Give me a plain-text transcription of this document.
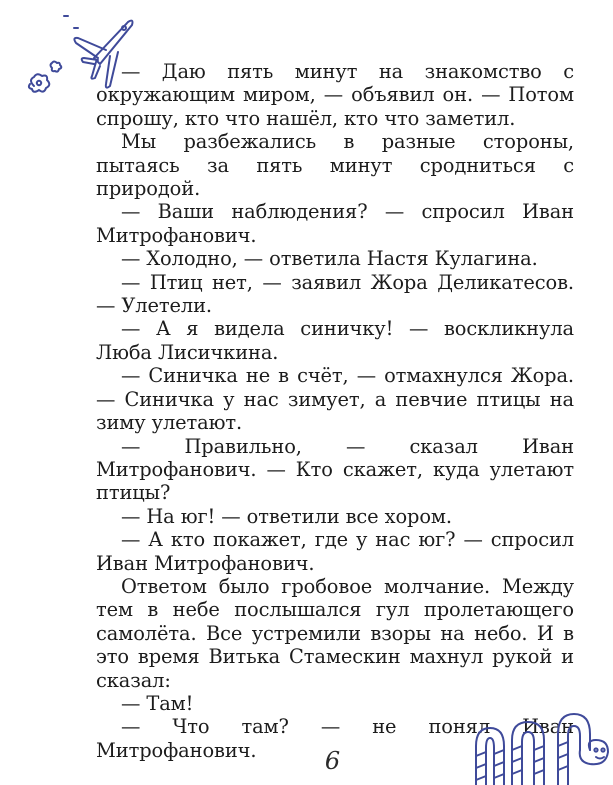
— Даю пять минут на знакомство с окружающим миром, — объявил он. — Потом спрошу, кто что нашёл, кто что заметил.

Мы разбежались в разные стороны, пытаясь за пять минут сродниться с природой.

— Ваши наблюдения? — спросил Иван Митрофанович.

— Холодно, — ответила Настя Кулагина.

— Птиц нет, — заявил Жора Деликатесов. — Улетели.

— А я видела синичку! — воскликнула Люба Лисичкина.

— Синичка не в счёт, — отмахнулся Жора. — Синичка у нас зимует, а певчие птицы на зиму улетают.

— Правильно, — сказал Иван Митрофанович. — Кто скажет, куда улетают птицы?

— На юг! — ответили все хором.

— А кто покажет, где у нас юг? — спросил Иван Митрофанович.

Ответом было гробовое молчание. Между тем в небе послышался гул пролетающего самолёта. Все устремили взоры на небо. И в это время Витька Стамескин махнул рукой и сказал:

— Там!

— Что там? — не понял Иван Митрофанович.	6
